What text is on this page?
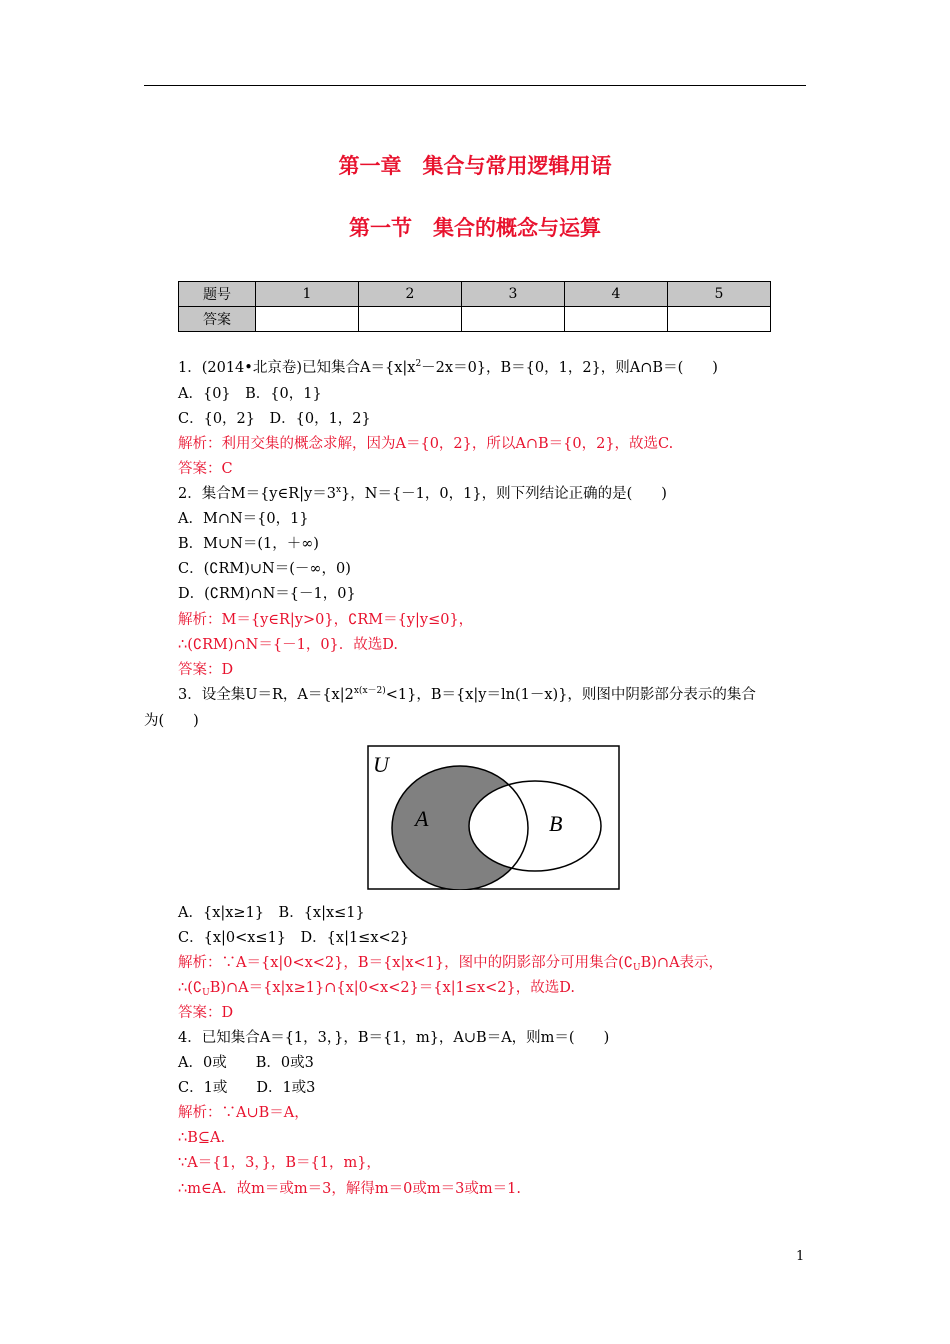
第一章　集合与常用逻辑用语
第一节　集合的概念与运算
题号	1	2	3	4	5
答案					
1．(2014•北京卷)已知集合$A=\{x|x^2-2x=0\}$，B＝{0，1，2}，则A∩B＝(　　)
A．{0}　B．{0，1}
C．{0，2}　D．{0，1，2}
解析：利用交集的概念求解，因为A＝{0，2}，所以A∩B＝{0，2}，故选C.
答案：C
2．集合$M=\{y\in R|y=3^x\}$，N＝{－1，0，1}，则下列结论正确的是(　　)
A．M∩N＝{0，1}
B．M∪N＝(1，＋∞)
C．(∁RM)∪N＝(－∞，0)
D．(∁RM)∩N＝{－1，0}
解析：M＝{y∈R|y>0}，∁RM＝{y|y≤0}，
∴(∁RM)∩N＝{－1，0}．故选D.
答案：D
3．设全集U＝R，$A=\{x|2^{x(x-2)}<1\}$，B＝{x|y＝ln(1－x)}，则图中阴影部分表示的集合
为(　　)
U
A	B
A．{x|x≥1}　B．{x|x≤1}
C．{x|0<x≤1}　D．{x|1≤x<2}
解析：∵A＝{x|0<x<2}，B＝{x|x<1}，图中的阴影部分可用集合$(∁_UB)\cap A$表示，
$\therefore(∁_UB)\cap A=\{x|x\ge 1\}\cap\{x|0<x<2\}=\{x|1\le x<2\}$，故选D.
答案：D
4．已知集合A＝{1，3，}，B＝{1，m}，A∪B＝A，则m＝(　　)
A．0或　　B．0或3
C．1或　　D．1或3
解析：∵A∪B＝A，
∴B⊆A.
∵A＝{1，3，}，B＝{1，m}，
∴m∈A．故m＝或m＝3，解得m＝0或m＝3或m＝1.
1
